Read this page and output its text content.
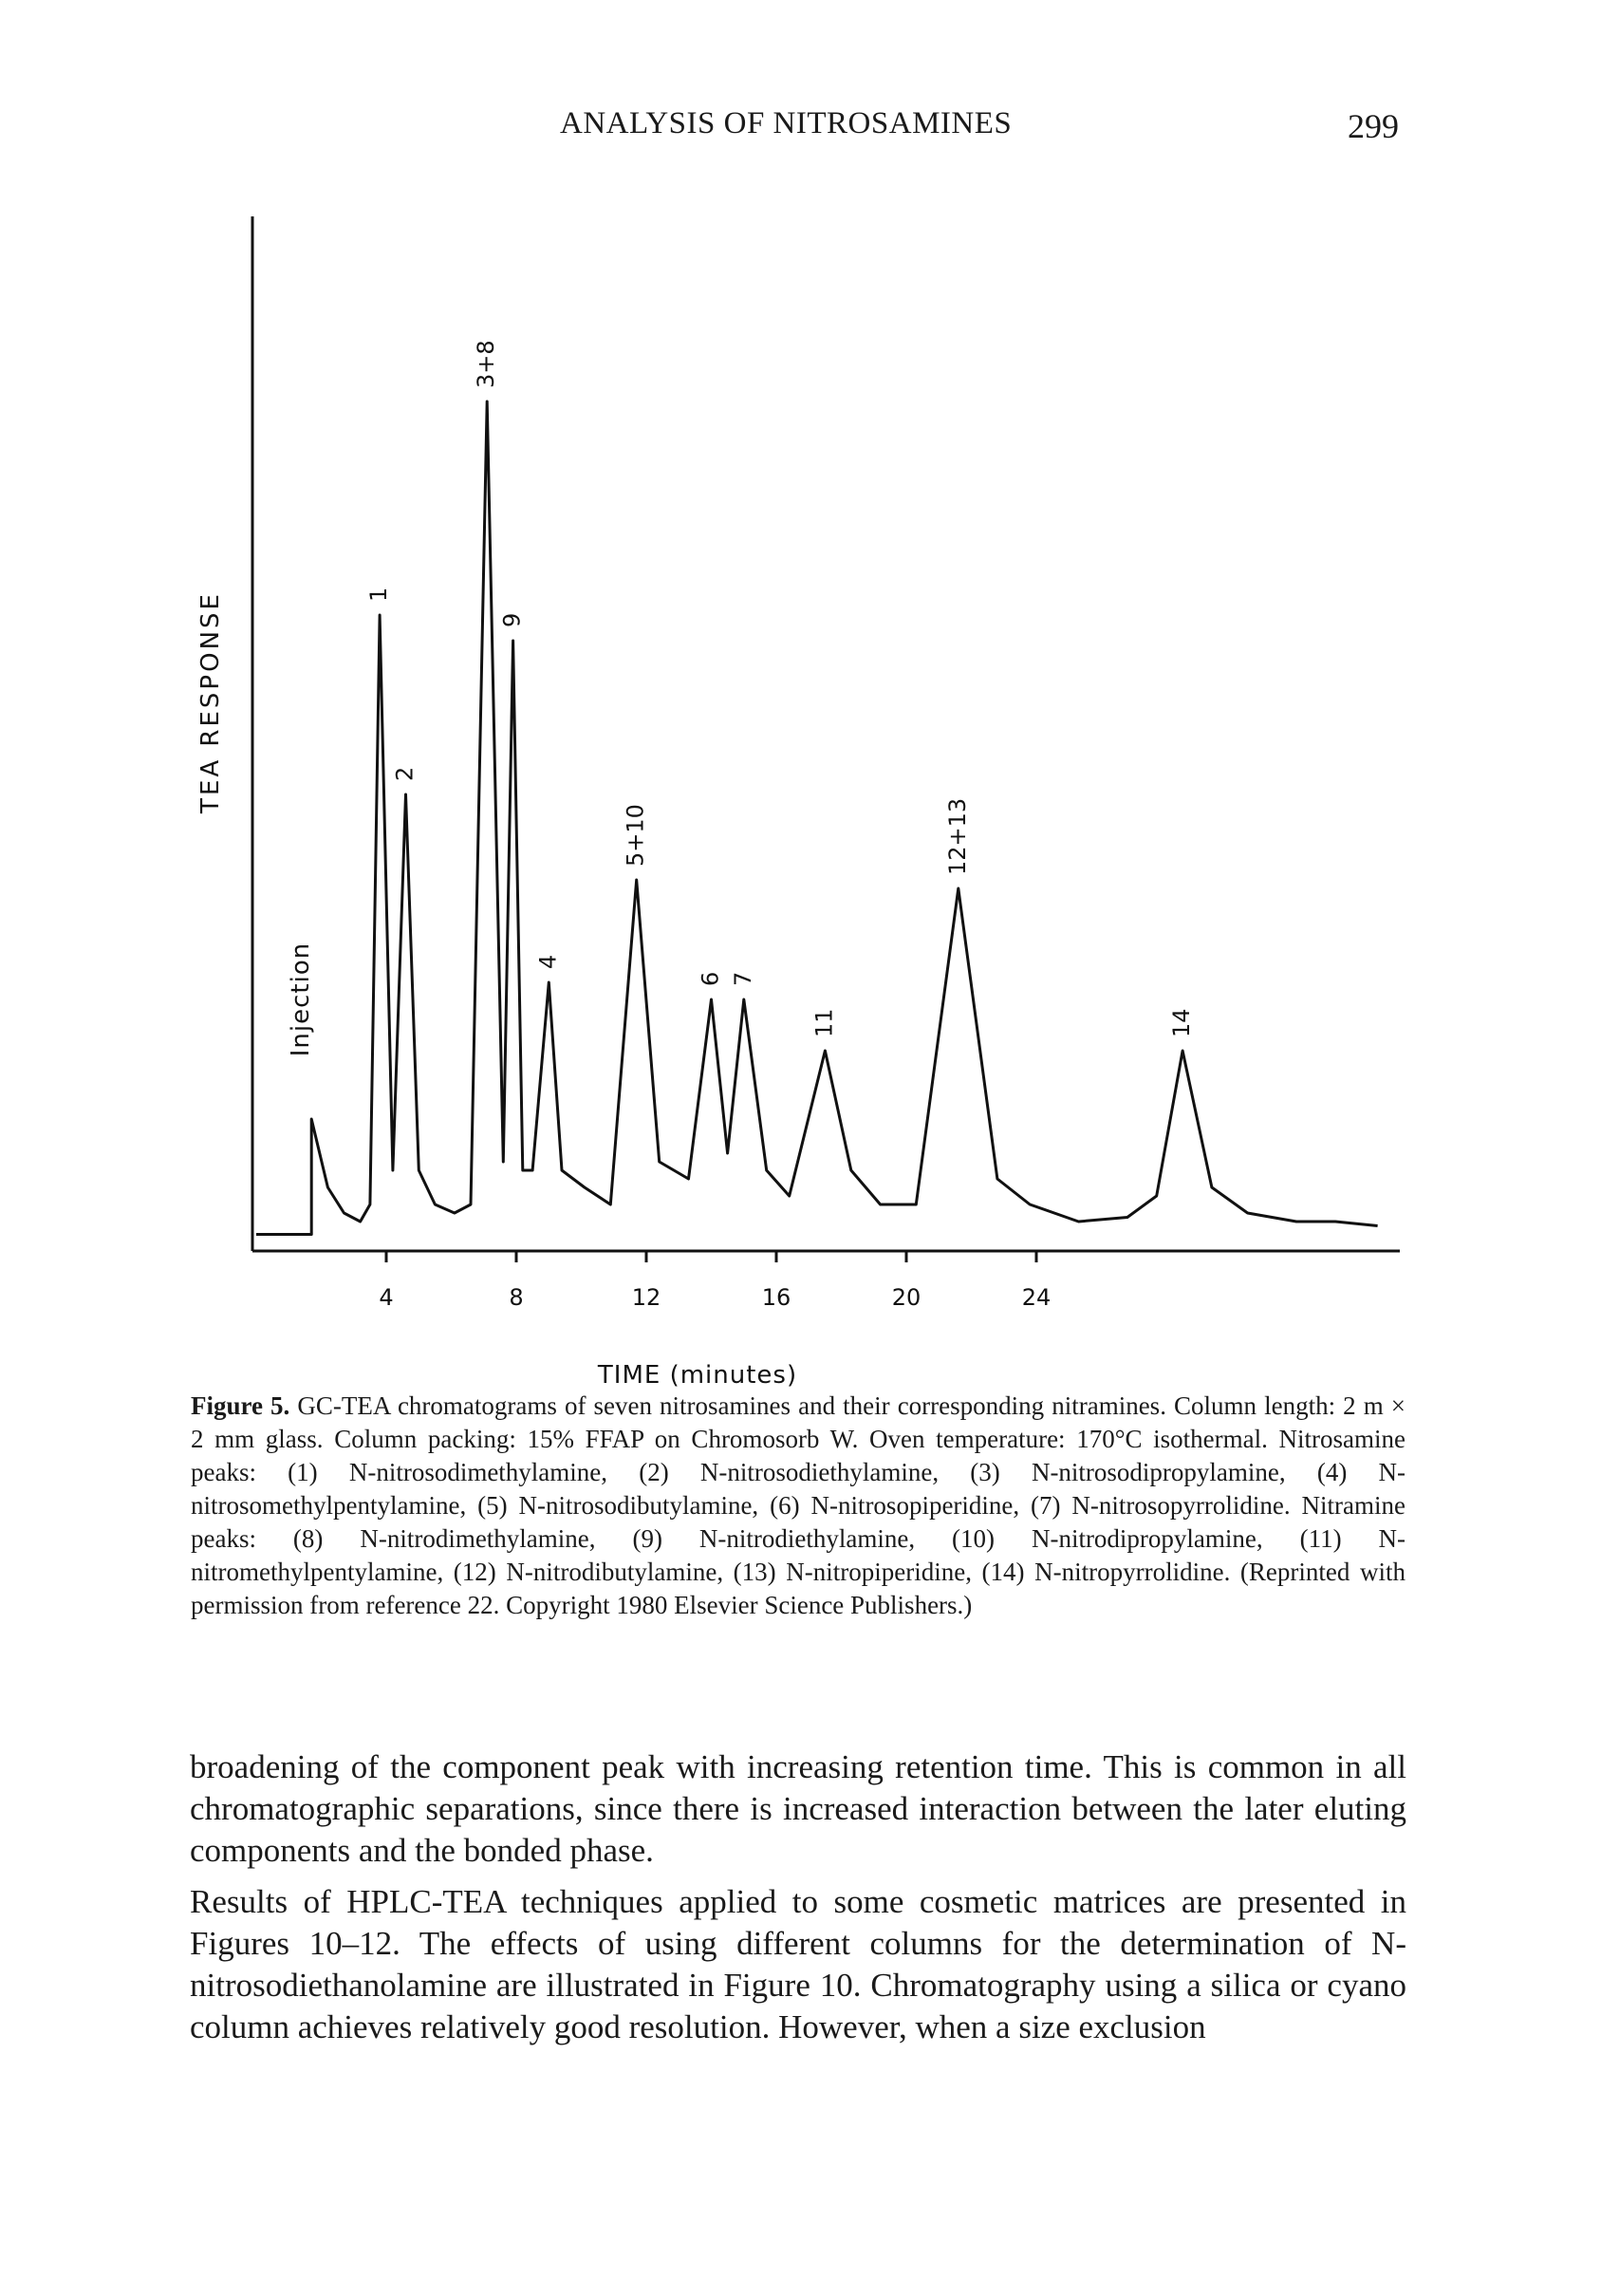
ANALYSIS OF NITROSAMINES	299
TEA RESPONSE
TIME (minutes)
Injection
4	8	12	16	20	24
1
2
3+8
9
4
5+10
6 7
11
12+13
14
Figure 5. GC-TEA chromatograms of seven nitrosamines and their corresponding nitramines. Column length: 2 m × 2 mm glass. Column packing: 15% FFAP on Chromosorb W. Oven temperature: 170°C isothermal. Nitrosamine peaks: (1) N-nitrosodimethylamine, (2) N-nitrosodiethylamine, (3) N-nitrosodipropylamine, (4) N-nitrosomethylpentylamine, (5) N-nitrosodibutylamine, (6) N-nitrosopiperidine, (7) N-nitrosopyrrolidine. Nitramine peaks: (8) N-nitrodimethylamine, (9) N-nitrodiethylamine, (10) N-nitrodipropylamine, (11) N-nitromethylpentylamine, (12) N-nitrodibutylamine, (13) N-nitropiperidine, (14) N-nitropyrrolidine. (Reprinted with permission from reference 22. Copyright 1980 Elsevier Science Publishers.)

broadening of the component peak with increasing retention time. This is common in all chromatographic separations, since there is increased interaction between the later eluting components and the bonded phase.

Results of HPLC-TEA techniques applied to some cosmetic matrices are presented in Figures 10–12. The effects of using different columns for the determination of N-nitrosodiethanolamine are illustrated in Figure 10. Chromatography using a silica or cyano column achieves relatively good resolution. However, when a size exclusion
